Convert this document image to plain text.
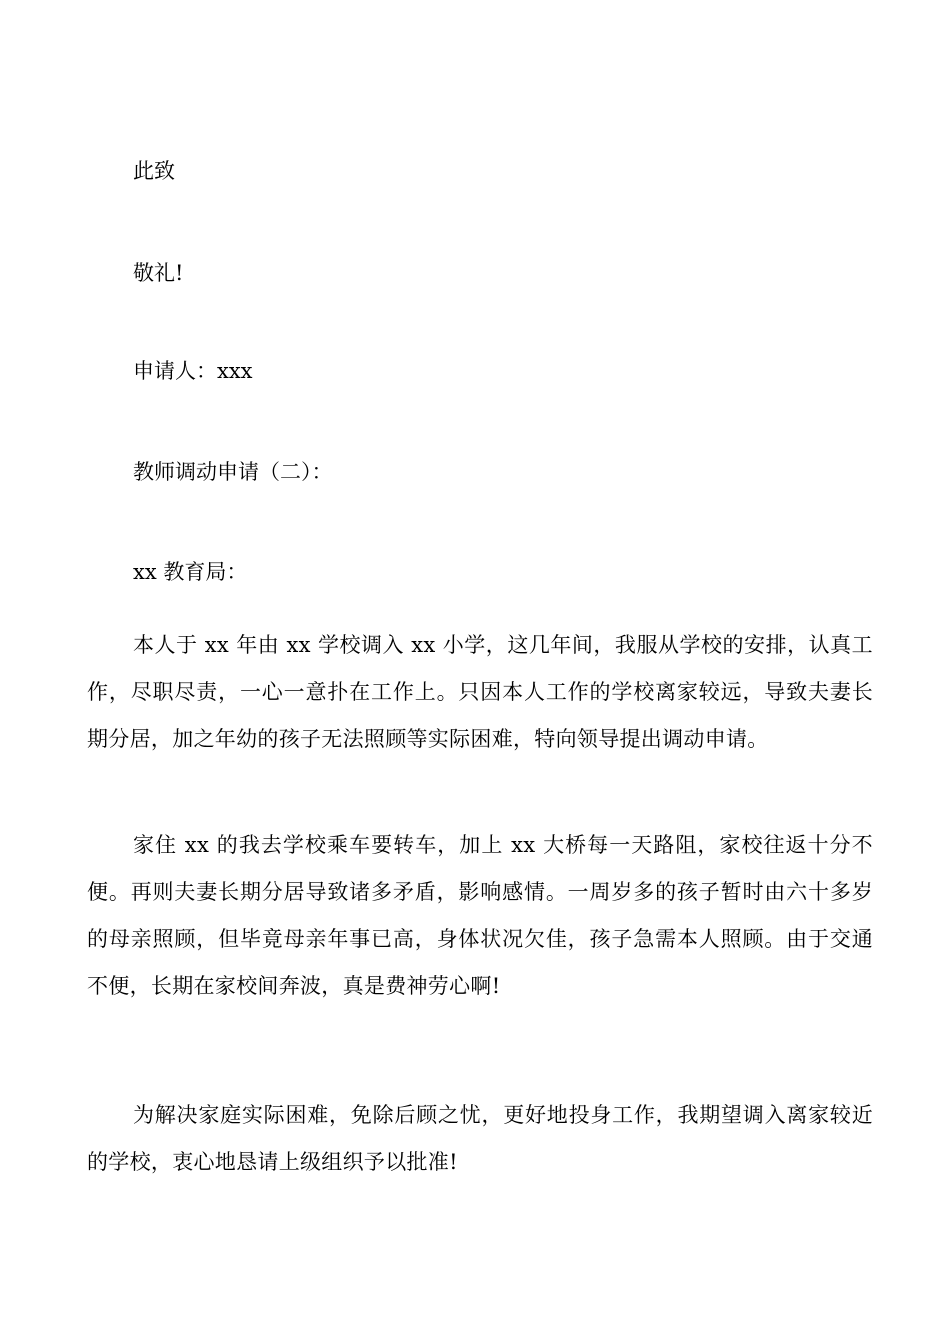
此致
敬礼!
申请人：xxx
教师调动申请（二）：
xx 教育局：

本人于 xx 年由 xx 学校调入 xx 小学，这几年间，我服从学校的安排，认真工作，尽职尽责，一心一意扑在工作上。只因本人工作的学校离家较远，导致夫妻长期分居，加之年幼的孩子无法照顾等实际困难，特向领导提出调动申请。

家住 xx 的我去学校乘车要转车，加上 xx 大桥每一天路阻，家校往返十分不便。再则夫妻长期分居导致诸多矛盾，影响感情。一周岁多的孩子暂时由六十多岁的母亲照顾，但毕竟母亲年事已高，身体状况欠佳，孩子急需本人照顾。由于交通不便，长期在家校间奔波，真是费神劳心啊!

为解决家庭实际困难，免除后顾之忧，更好地投身工作，我期望调入离家较近的学校，衷心地恳请上级组织予以批准!
